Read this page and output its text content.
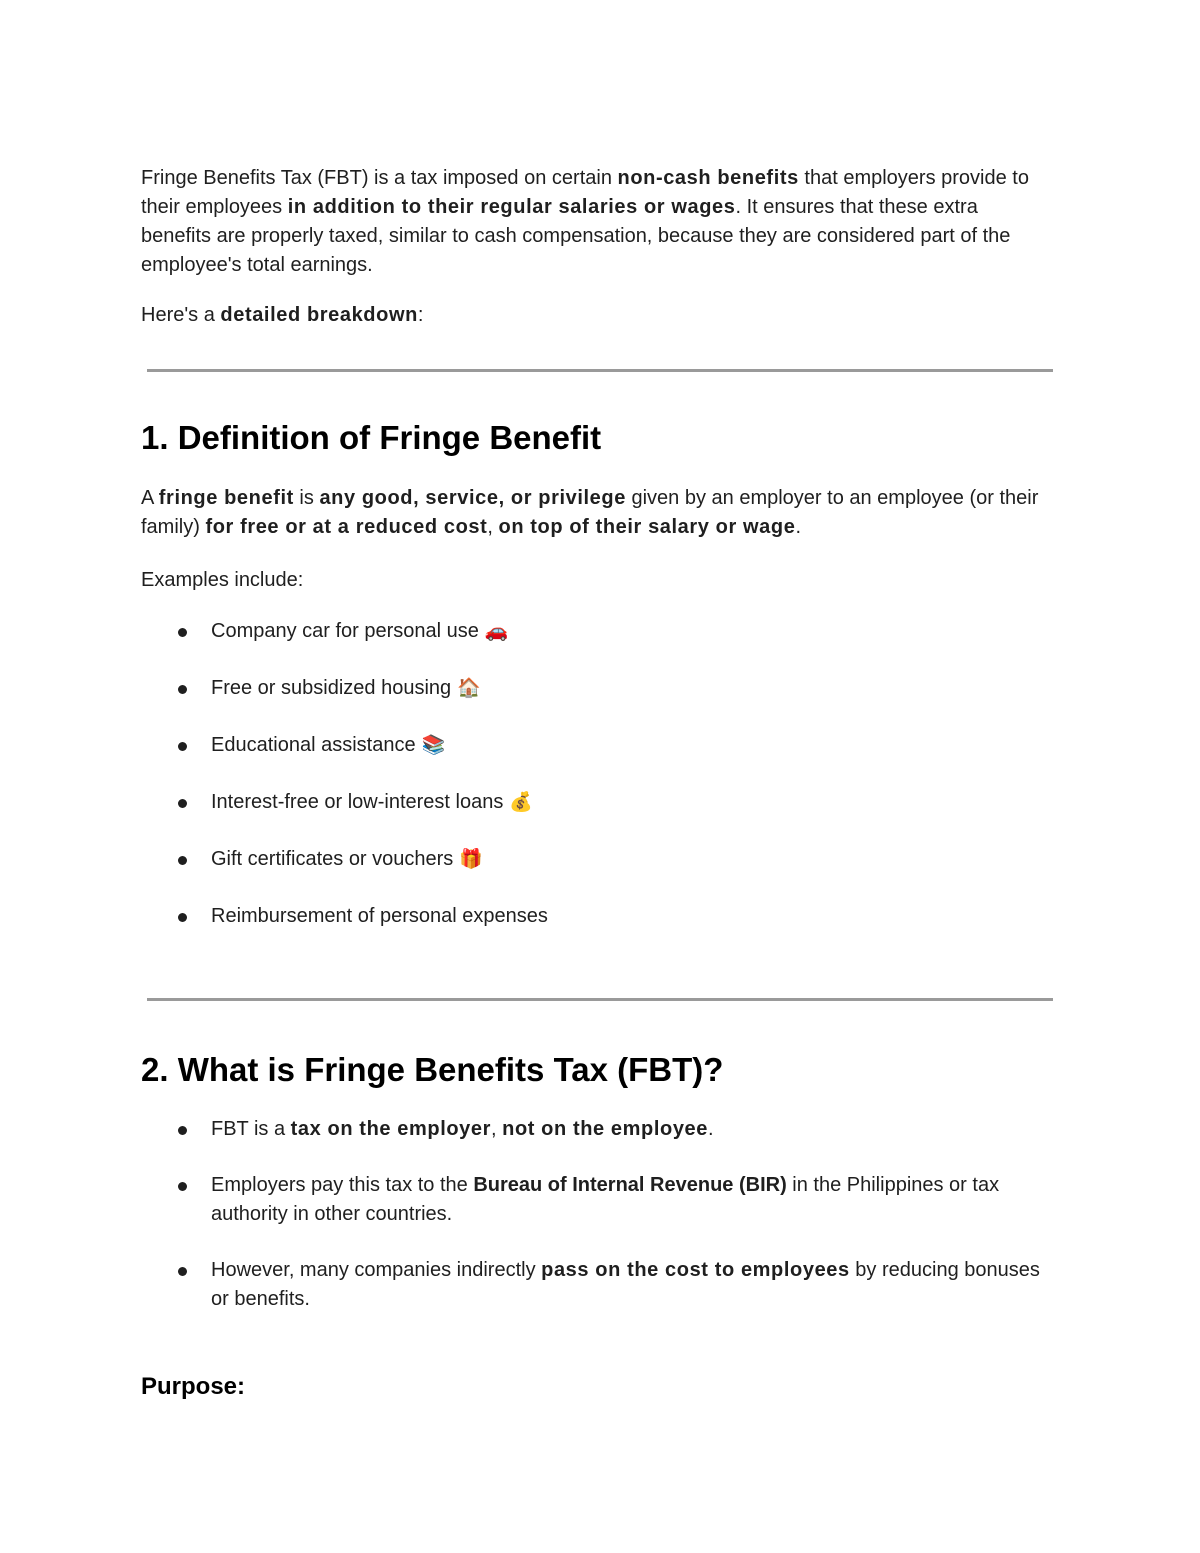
Fringe Benefits Tax (FBT) is a tax imposed on certain non-cash benefits that employers provide to their employees in addition to their regular salaries or wages. It ensures that these extra benefits are properly taxed, similar to cash compensation, because they are considered part of the employee's total earnings.

Here's a detailed breakdown:

1. Definition of Fringe Benefit

A fringe benefit is any good, service, or privilege given by an employer to an employee (or their family) for free or at a reduced cost, on top of their salary or wage.

Examples include:

Company car for personal use 🚗
Free or subsidized housing 🏠
Educational assistance 📚
Interest-free or low-interest loans 💰
Gift certificates or vouchers 🎁
Reimbursement of personal expenses
2. What is Fringe Benefits Tax (FBT)?
FBT is a tax on the employer, not on the employee.
Employers pay this tax to the Bureau of Internal Revenue (BIR) in the Philippines or tax authority in other countries.
However, many companies indirectly pass on the cost to employees by reducing bonuses or benefits.
Purpose:
